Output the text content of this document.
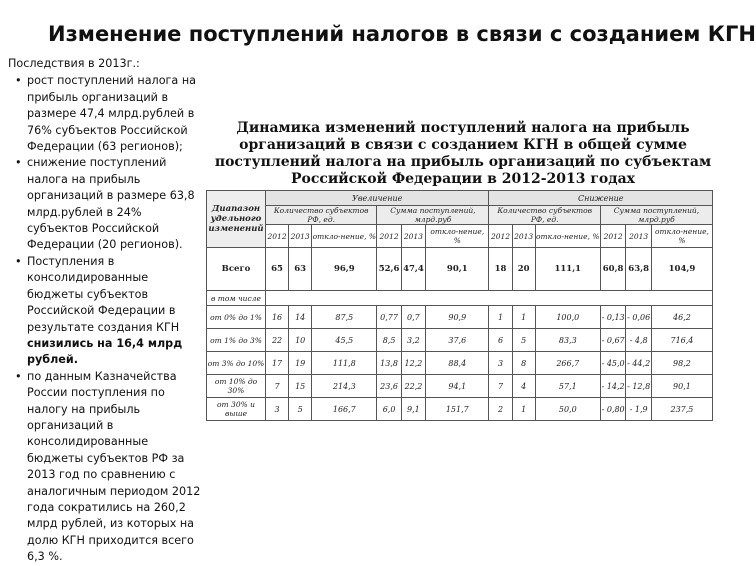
Изменение поступлений налогов в связи с созданием КГН

Последствия в 2013г.:

• рост поступлений налога на прибыль организаций в размере 47,4 млрд.рублей в 76% субъектов Российской Федерации (63 регионов);
• снижение поступлений налога на прибыль организаций в размере 63,8 млрд.рублей в 24% субъектов Российской Федерации (20 регионов).
• Поступления в консолидированные бюджеты субъектов Российской Федерации в результате создания КГН снизились на 16,4 млрд рублей.
• по данным Казначейства России поступления по налогу на прибыль организаций в консолидированные бюджеты субъектов РФ за 2013 год по сравнению с аналогичным периодом 2012 года сократились на 260,2 млрд рублей, из которых на долю КГН приходится всего 6,3 %.
Динамика изменений поступлений налога на прибыль организаций в связи с созданием КГН в общей сумме поступлений налога на прибыль организаций по субъектам Российской Федерации в 2012-2013 годах
Диапазон удельного изменений	Увеличение						Снижение					
	Количество субъектов РФ, ед.			Сумма поступлений, млрд.руб			Количество субъектов РФ, ед.			Сумма поступлений, млрд.руб		
	2012	2013	откло-нение, %	2012	2013	откло-нение, %	2012	2013	откло-нение, %	2012	2013	откло-нение, %
Всего	65	63	96,9	52,6	47,4	90,1	18	20	111,1	60,8	63,8	104,9
в том числе												
от 0% до 1%	16	14	87,5	0,77	0,7	90,9	1	1	100,0	- 0,13	- 0,06	46,2
от 1% до 3%	22	10	45,5	8,5	3,2	37,6	6	5	83,3	- 0,67	- 4,8	716,4
от 3% до 10%	17	19	111,8	13,8	12,2	88,4	3	8	266,7	- 45,0	- 44,2	98,2
от 10% до 30%	7	15	214,3	23,6	22,2	94,1	7	4	57,1	- 14,2	- 12,8	90,1
от 30% и выше	3	5	166,7	6,0	9,1	151,7	2	1	50,0	- 0,80	- 1,9	237,5
